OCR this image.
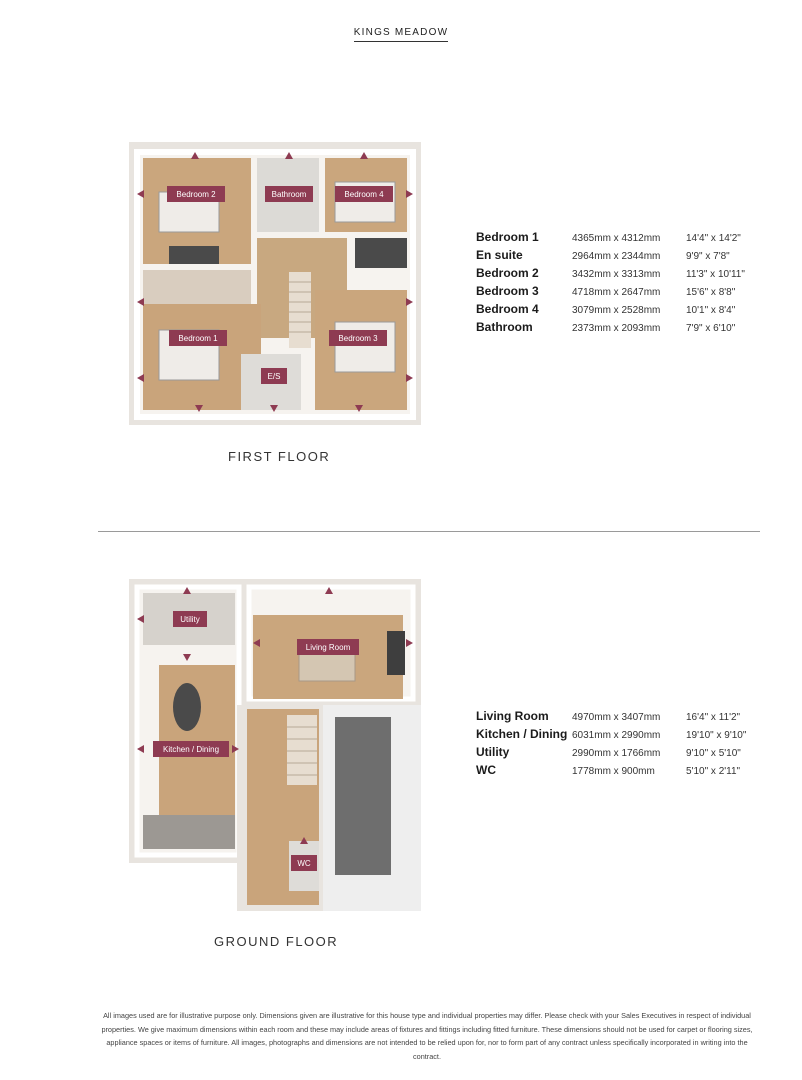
KINGS MEADOW
Bedroom 2	Bathroom	Bedroom 4
Bedroom 1	Bedroom 3
E/S
FIRST FLOOR
Bedroom 1	4365mm x 4312mm	14'4" x 14'2"
En suite	2964mm x 2344mm	9'9" x 7'8"
Bedroom 2	3432mm x 3313mm	11'3" x 10'11"
Bedroom 3	4718mm x 2647mm	15'6" x 8'8"
Bedroom 4	3079mm x 2528mm	10'1" x 8'4"
Bathroom	2373mm x 2093mm	7'9" x 6'10"
Utility
Living Room
Kitchen / Dining
WC
GROUND FLOOR
Living Room	4970mm x 3407mm	16'4" x 11'2"
Kitchen / Dining	6031mm x 2990mm	19'10" x 9'10"
Utility	2990mm x 1766mm	9'10" x 5'10"
WC	1778mm x 900mm	5'10" x 2'11"
All images used are for illustrative purpose only. Dimensions given are illustrative for this house type and individual properties may differ. Please check with your Sales Executives in respect of individual properties. We give maximum dimensions within each room and these may include areas of fixtures and fittings including fitted furniture. These dimensions should not be used for carpet or flooring sizes, appliance spaces or items of furniture. All images, photographs and dimensions are not intended to be relied upon for, nor to form part of any contract unless specifically incorporated in writing into the contract.
